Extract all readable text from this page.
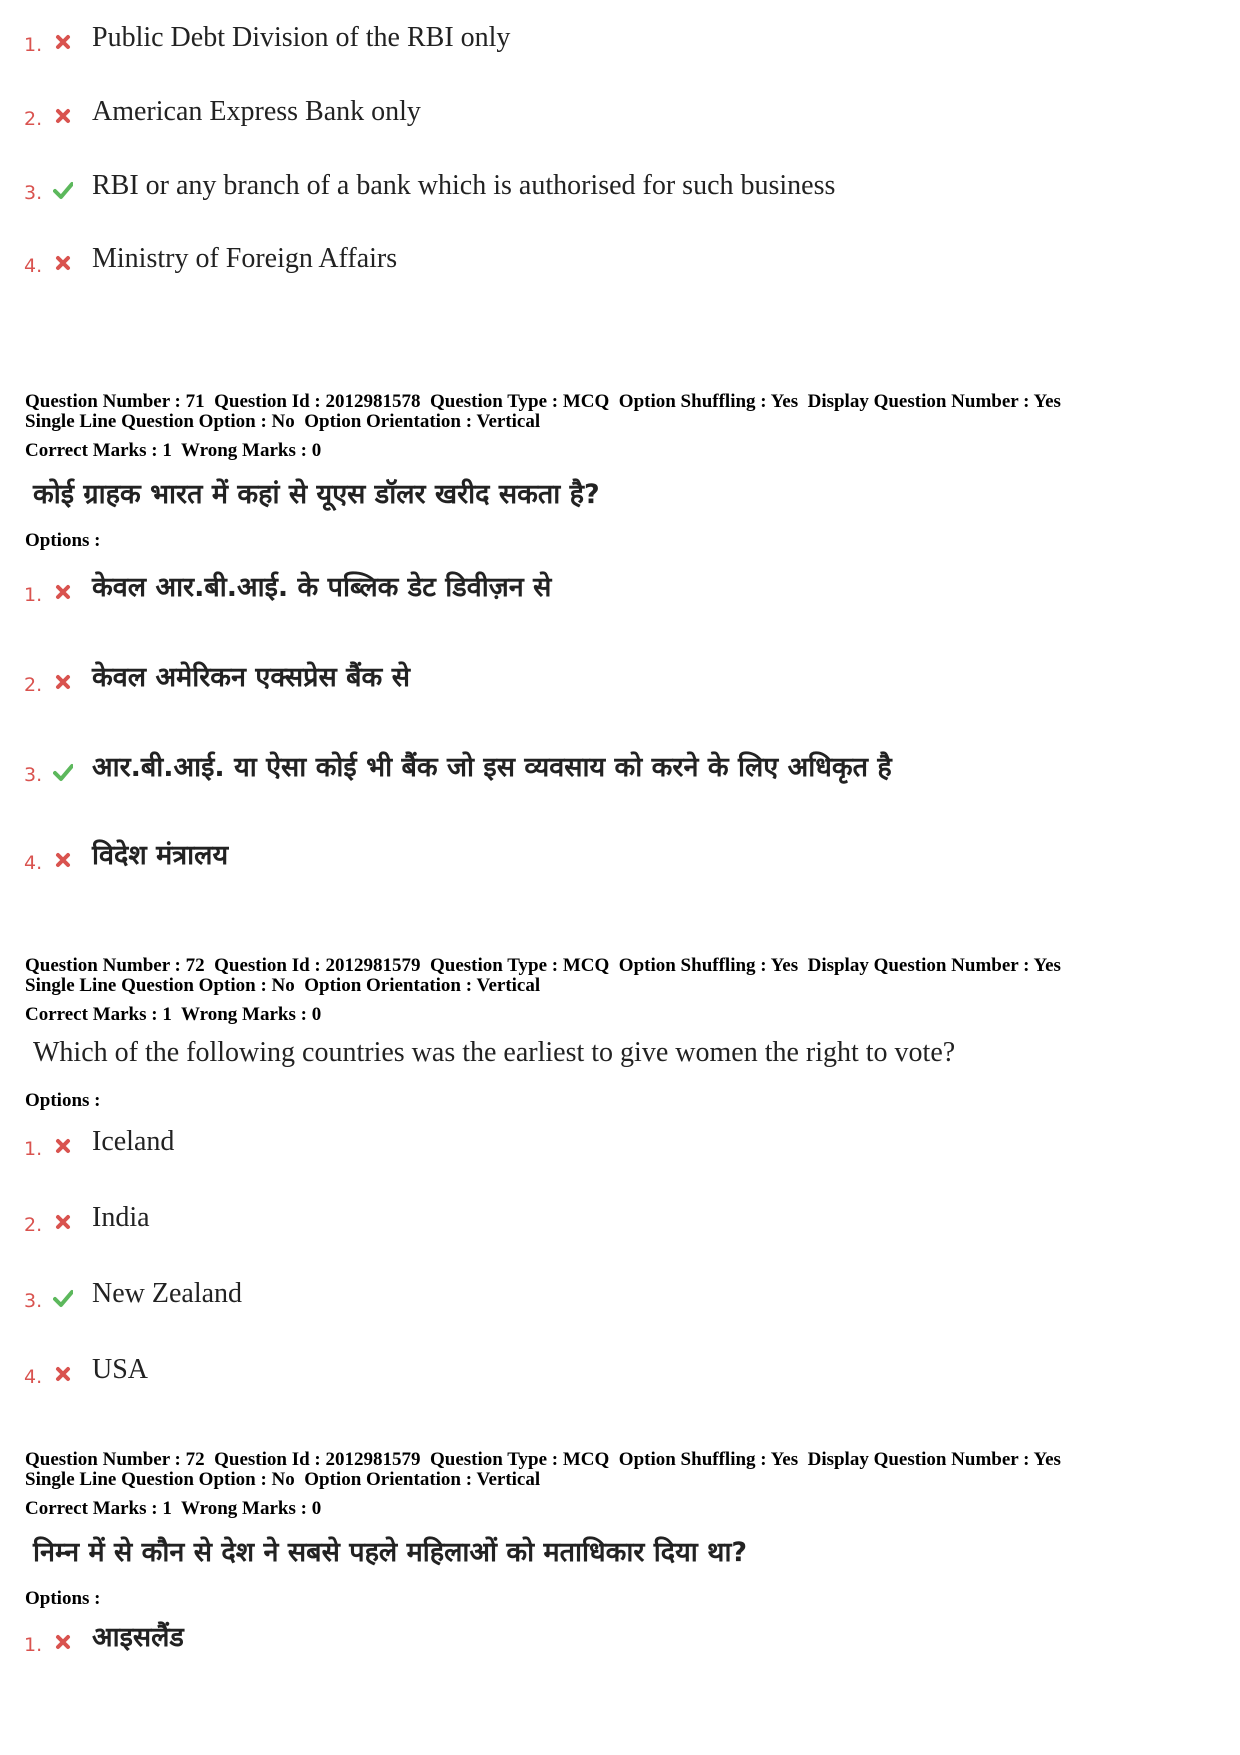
1. Public Debt Division of the RBI only
2. American Express Bank only
3. RBI or any branch of a bank which is authorised for such business
4. Ministry of Foreign Affairs
Question Number : 71  Question Id : 2012981578  Question Type : MCQ  Option Shuffling : Yes  Display Question Number : Yes
Single Line Question Option : No  Option Orientation : Vertical
Correct Marks : 1  Wrong Marks : 0
कोई ग्राहक भारत में कहां से यूएस डॉलर खरीद सकता है?
Options :
1. केवल आर.बी.आई. के पब्लिक डेट डिवीज़न से
2. केवल अमेरिकन एक्सप्रेस बैंक से
3. आर.बी.आई. या ऐसा कोई भी बैंक जो इस व्यवसाय को करने के लिए अधिकृत है
4. विदेश मंत्रालय
Question Number : 72  Question Id : 2012981579  Question Type : MCQ  Option Shuffling : Yes  Display Question Number : Yes
Single Line Question Option : No  Option Orientation : Vertical
Correct Marks : 1  Wrong Marks : 0
Which of the following countries was the earliest to give women the right to vote?
Options :
1. Iceland
2. India
3. New Zealand
4. USA
Question Number : 72  Question Id : 2012981579  Question Type : MCQ  Option Shuffling : Yes  Display Question Number : Yes
Single Line Question Option : No  Option Orientation : Vertical
Correct Marks : 1  Wrong Marks : 0
निम्न में से कौन से देश ने सबसे पहले महिलाओं को मताधिकार दिया था?
Options :
1. आइसलैंड
